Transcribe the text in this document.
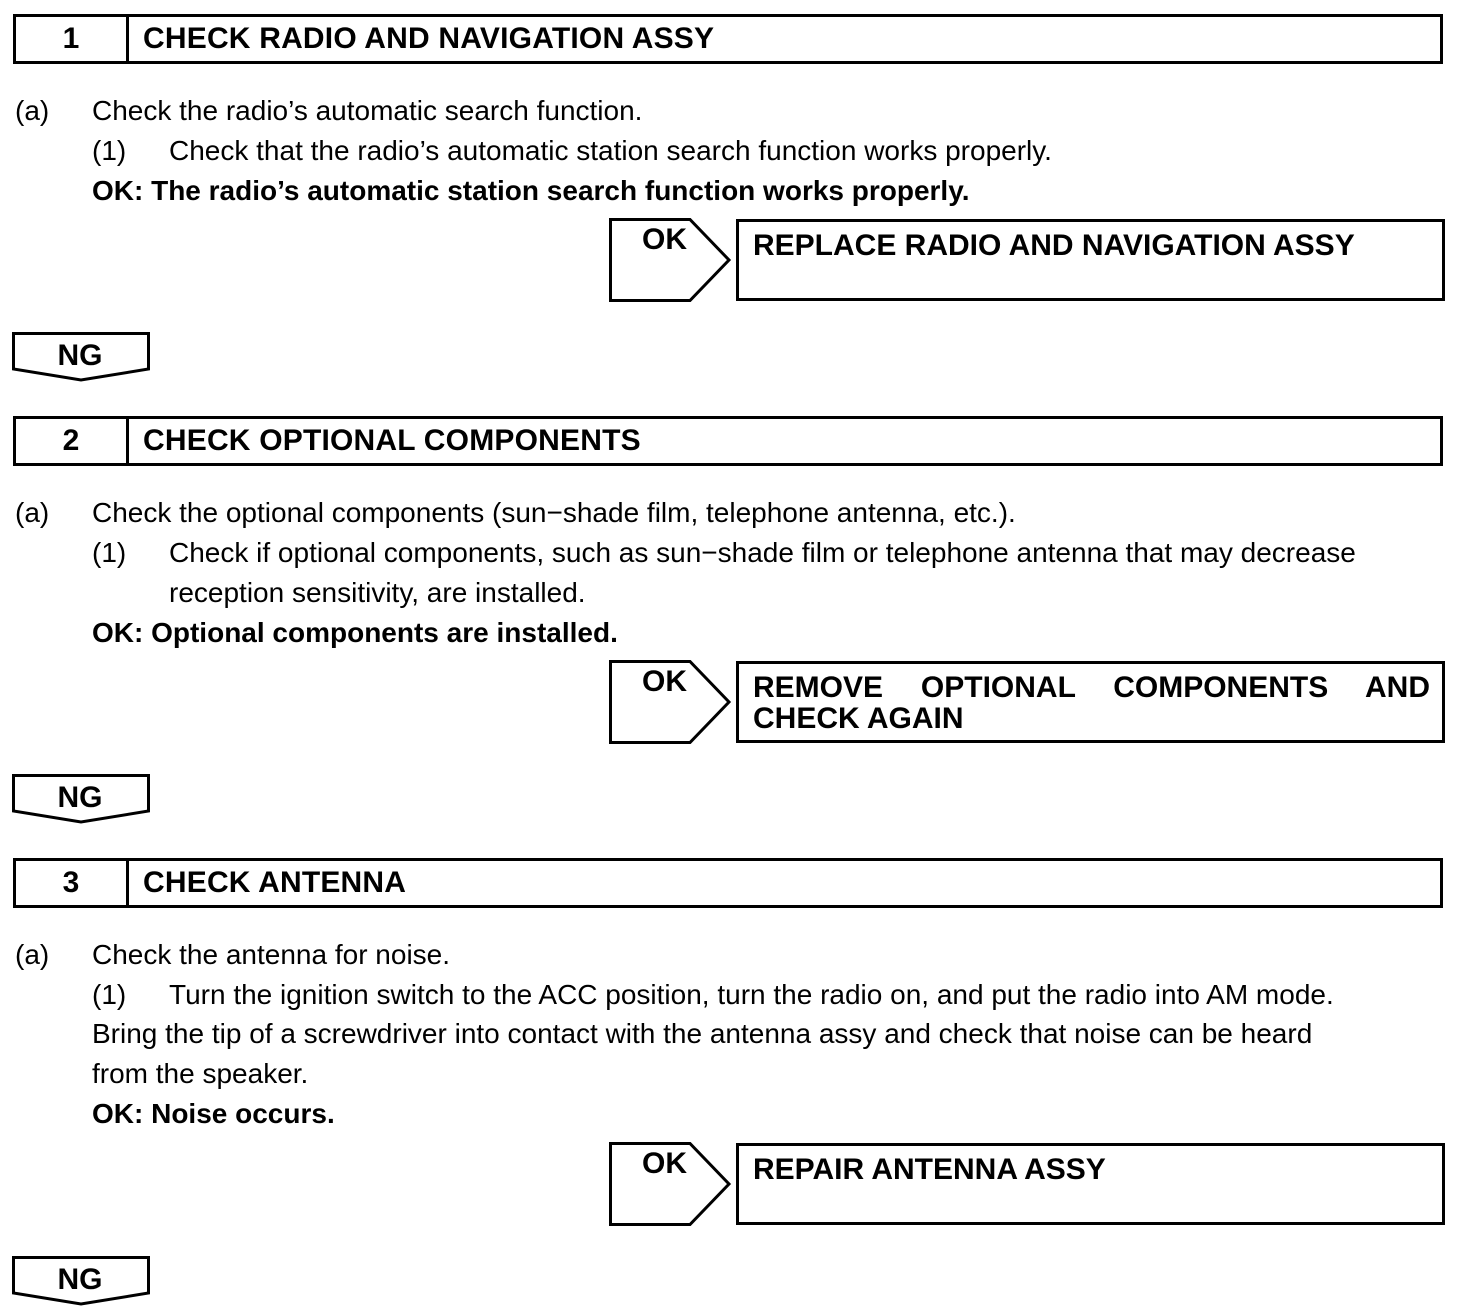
1	CHECK RADIO AND NAVIGATION ASSY
(a) Check the radio’s automatic search function.
(1) Check that the radio’s automatic station search function works properly.
OK: The radio’s automatic station search function works properly.
OK	REPLACE RADIO AND NAVIGATION ASSY
NG
2	CHECK OPTIONAL COMPONENTS
(a) Check the optional components (sun−shade film, telephone antenna, etc.).
(1) Check if optional components, such as sun−shade film or telephone antenna that may decrease
reception sensitivity, are installed.
OK: Optional components are installed.
OK REMOVE OPTIONAL COMPONENTS AND
CHECK AGAIN
NG
3	CHECK ANTENNA
(a) Check the antenna for noise.
(1) Turn the ignition switch to the ACC position, turn the radio on, and put the radio into AM mode.
Bring the tip of a screwdriver into contact with the antenna assy and check that noise can be heard
from the speaker.
OK: Noise occurs.
OK	REPAIR ANTENNA ASSY
NG
